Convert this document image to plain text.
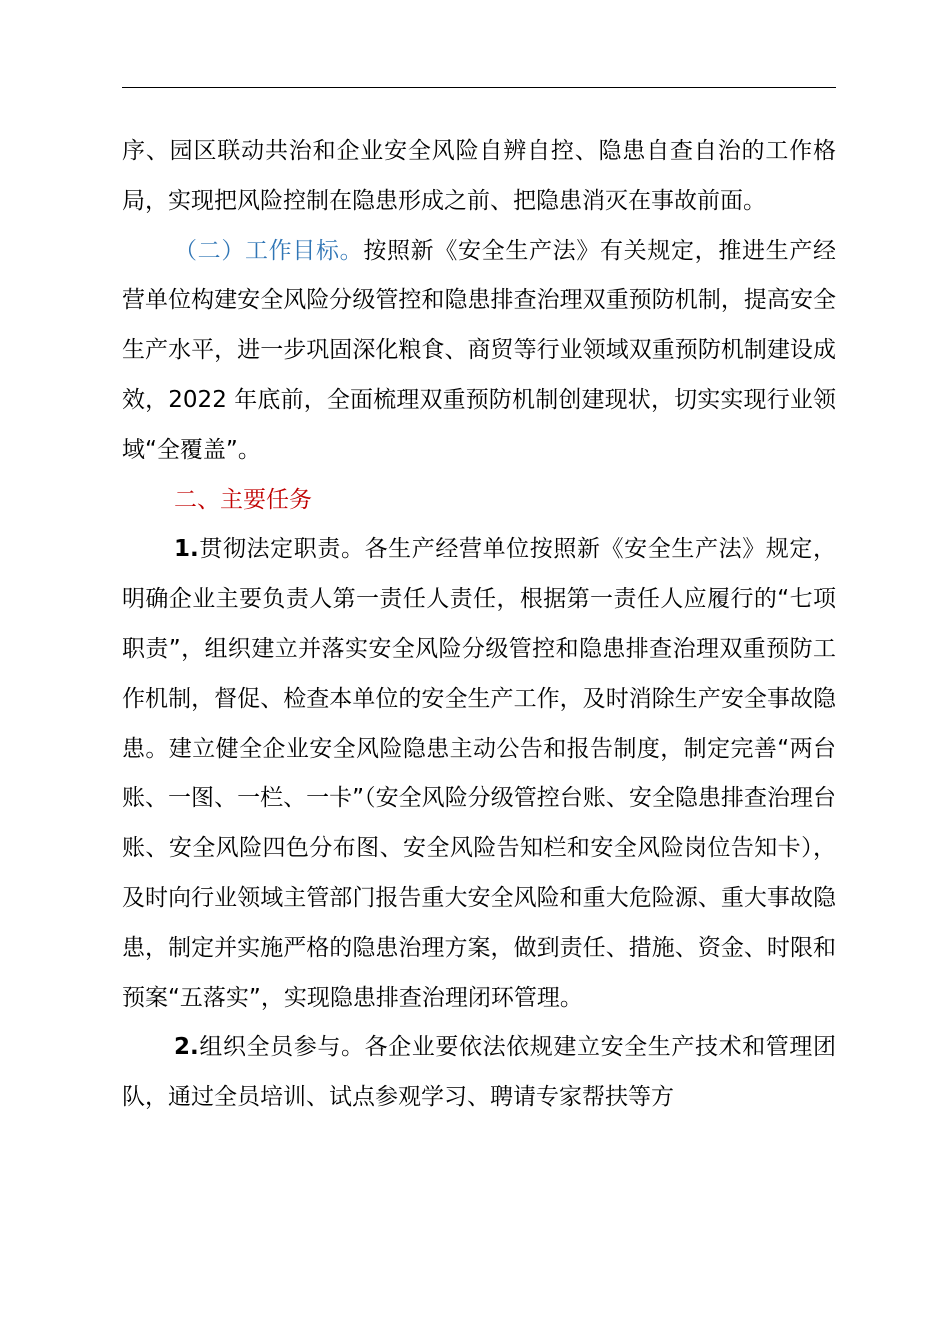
序、园区联动共治和企业安全风险自辨自控、隐患自查自治的工作格局，实现把风险控制在隐患形成之前、把隐患消灭在事故前面。

（二）工作目标。按照新《安全生产法》有关规定，推进生产经营单位构建安全风险分级管控和隐患排查治理双重预防机制，提高安全生产水平，进一步巩固深化粮食、商贸等行业领域双重预防机制建设成效，2022 年底前，全面梳理双重预防机制创建现状，切实实现行业领域“全覆盖”。

二、主要任务

1.贯彻法定职责。各生产经营单位按照新《安全生产法》规定，明确企业主要负责人第一责任人责任，根据第一责任人应履行的“七项职责”，组织建立并落实安全风险分级管控和隐患排查治理双重预防工作机制，督促、检查本单位的安全生产工作，及时消除生产安全事故隐患。建立健全企业安全风险隐患主动公告和报告制度，制定完善“两台账、一图、一栏、一卡”（安全风险分级管控台账、安全隐患排查治理台账、安全风险四色分布图、安全风险告知栏和安全风险岗位告知卡），及时向行业领域主管部门报告重大安全风险和重大危险源、重大事故隐患，制定并实施严格的隐患治理方案，做到责任、措施、资金、时限和预案“五落实”，实现隐患排查治理闭环管理。

2.组织全员参与。各企业要依法依规建立安全生产技术和管理团队，通过全员培训、试点参观学习、聘请专家帮扶等方
